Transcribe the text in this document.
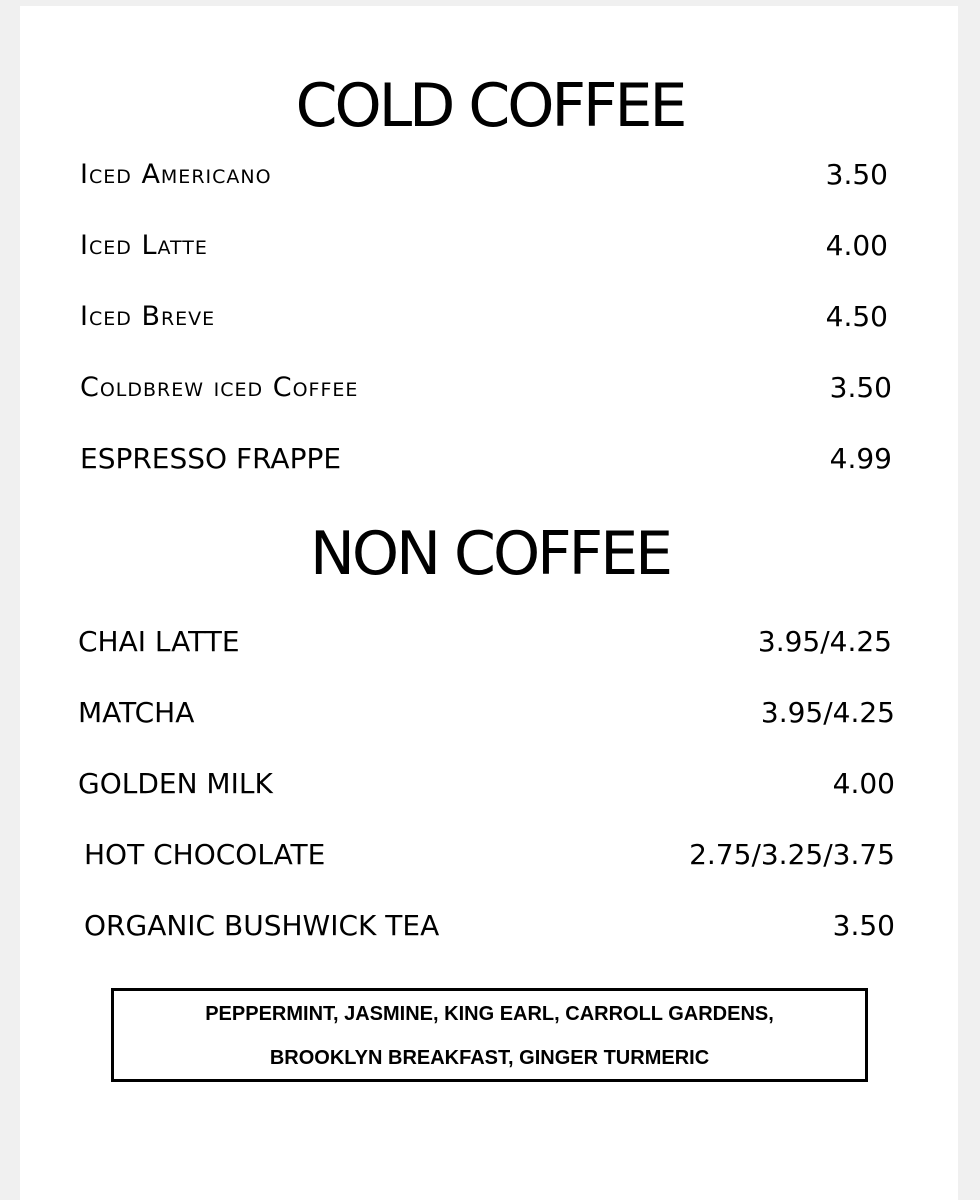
COLD COFFEE
Iced Americano	3.50
Iced Latte	4.00
Iced Breve	4.50
Coldbrew iced Coffee	3.50
ESPRESSO FRAPPE	4.99
NON COFFEE
CHAI LATTE	3.95/4.25
MATCHA	3.95/4.25
GOLDEN MILK	4.00
HOT CHOCOLATE	2.75/3.25/3.75
ORGANIC BUSHWICK TEA	3.50
PEPPERMINT, JASMINE, KING EARL, CARROLL GARDENS,
BROOKLYN BREAKFAST, GINGER TURMERIC
